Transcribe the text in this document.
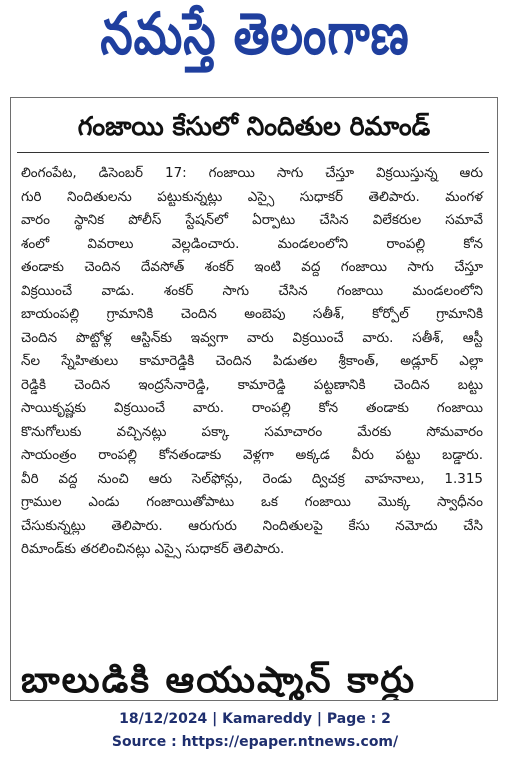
నమస్తే తెలంగాణ
గంజాయి కేసులో నిందితుల రిమాండ్
లింగంపేట, డిసెంబర్ 17: గంజాయి సాగు చేస్తూ విక్రయిస్తున్న ఆరు
గురి నిందితులను పట్టుకున్నట్లు ఎస్సై సుధాకర్ తెలిపారు. మంగళ
వారం స్థానిక పోలీస్ స్టేషన్‌లో ఏర్పాటు చేసిన విలేకరుల సమావే
శంలో వివరాలు వెల్లడించారు. మండలంలోని రాంపల్లి కోన
తండాకు చెందిన దేవసోత్ శంకర్ ఇంటి వద్ద గంజాయి సాగు చేస్తూ
విక్రయించే వాడు. శంకర్ సాగు చేసిన గంజాయి మండలంలోని
బాయంపల్లి గ్రామానికి చెందిన అంబెపు సతీశ్, కోర్పోల్ గ్రామానికి
చెందిన పొట్టోళ్ల ఆస్టిన్‌కు ఇవ్వగా వారు విక్రయించే వారు. సతీశ్, ఆస్టీ
న్‌ల స్నేహితులు కామారెడ్డికి చెందిన పిడుతల శ్రీకాంత్, అడ్లూర్ ఎల్లా
రెడ్డికి చెందిన ఇంద్రసేనారెడ్డి, కామారెడ్డి పట్టణానికి చెందిన బట్టు
సాయికృష్ణకు విక్రయించే వారు. రాంపల్లి కోన తండాకు గంజాయి
కొనుగోలుకు వచ్చినట్లు పక్కా సమాచారం మేరకు సోమవారం
సాయంత్రం రాంపల్లి కోనతండాకు వెళ్లగా అక్కడ వీరు పట్టు బడ్డారు.
వీరి వద్ద నుంచి ఆరు సెల్‌ఫోన్లు, రెండు ద్విచక్ర వాహనాలు, 1.315
గ్రాముల ఎండు గంజాయితోపాటు ఒక గంజాయి మొక్క స్వాధీనం
చేసుకున్నట్లు తెలిపారు. ఆరుగురు నిందితులపై కేసు నమోదు చేసి
రిమాండ్‌కు తరలించినట్లు ఎస్సై సుధాకర్ తెలిపారు.
బాలుడికి ఆయుష్మాన్ కార్డు
18/12/2024 | Kamareddy | Page : 2
Source : https://epaper.ntnews.com/
